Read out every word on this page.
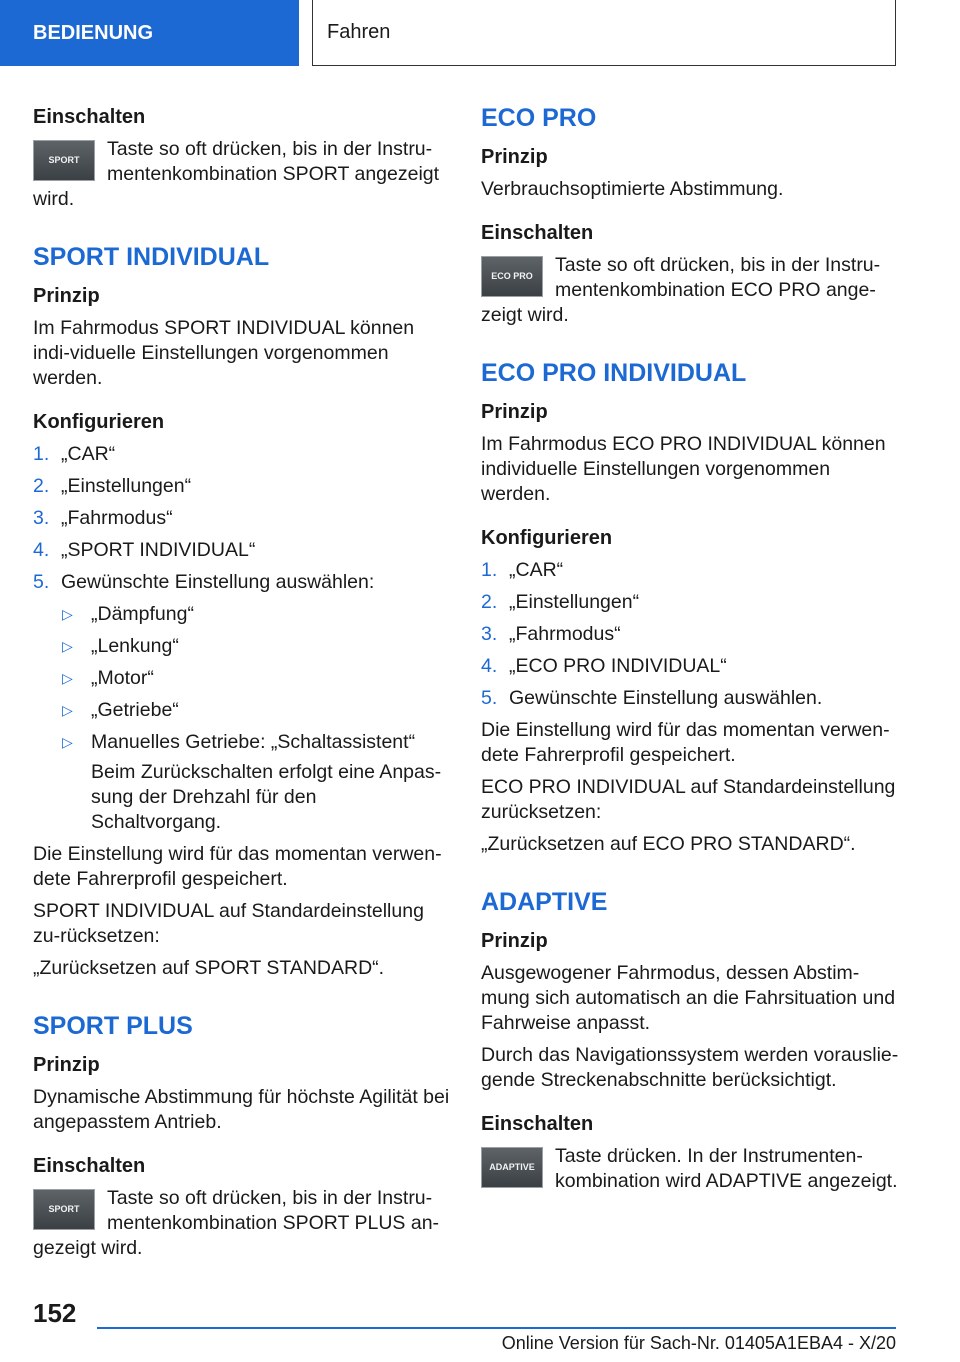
BEDIENUNG	Fahren
Einschalten
SPORT	Taste so oft drücken, bis in der Instru-mentenkombination SPORT angezeigt
wird.
SPORT INDIVIDUAL
Prinzip
Im Fahrmodus SPORT INDIVIDUAL können indi-viduelle Einstellungen vorgenommen werden.
Konfigurieren
1. „CAR“
2. „Einstellungen“
3. „Fahrmodus“
4. „SPORT INDIVIDUAL“
5. Gewünschte Einstellung auswählen:
▷ „Dämpfung“
▷ „Lenkung“
▷ „Motor“
▷ „Getriebe“
▷ Manuelles Getriebe: „Schaltassistent“
Beim Zurückschalten erfolgt eine Anpas-sung der Drehzahl für den Schaltvorgang.
Die Einstellung wird für das momentan verwen-dete Fahrerprofil gespeichert.
SPORT INDIVIDUAL auf Standardeinstellung zu-rücksetzen:
„Zurücksetzen auf SPORT STANDARD“.
SPORT PLUS
Prinzip
Dynamische Abstimmung für höchste Agilität bei angepasstem Antrieb.
Einschalten
SPORT	Taste so oft drücken, bis in der Instru-mentenkombination SPORT PLUS an-
gezeigt wird.
ECO PRO
Prinzip
Verbrauchsoptimierte Abstimmung.
Einschalten
ECO PRO	Taste so oft drücken, bis in der Instru-mentenkombination ECO PRO ange-
zeigt wird.
ECO PRO INDIVIDUAL
Prinzip
Im Fahrmodus ECO PRO INDIVIDUAL können individuelle Einstellungen vorgenommen werden.
Konfigurieren
1. „CAR“
2. „Einstellungen“
3. „Fahrmodus“
4. „ECO PRO INDIVIDUAL“
5. Gewünschte Einstellung auswählen.
Die Einstellung wird für das momentan verwen-dete Fahrerprofil gespeichert.
ECO PRO INDIVIDUAL auf Standardeinstellung zurücksetzen:
„Zurücksetzen auf ECO PRO STANDARD“.
ADAPTIVE
Prinzip
Ausgewogener Fahrmodus, dessen Abstim-mung sich automatisch an die Fahrsituation und Fahrweise anpasst.
Durch das Navigationssystem werden vorauslie-gende Streckenabschnitte berücksichtigt.
Einschalten
ADAPTIVE	Taste drücken. In der Instrumenten-kombination wird ADAPTIVE angezeigt.
152
Online Version für Sach-Nr. 01405A1EBA4 - X/20
